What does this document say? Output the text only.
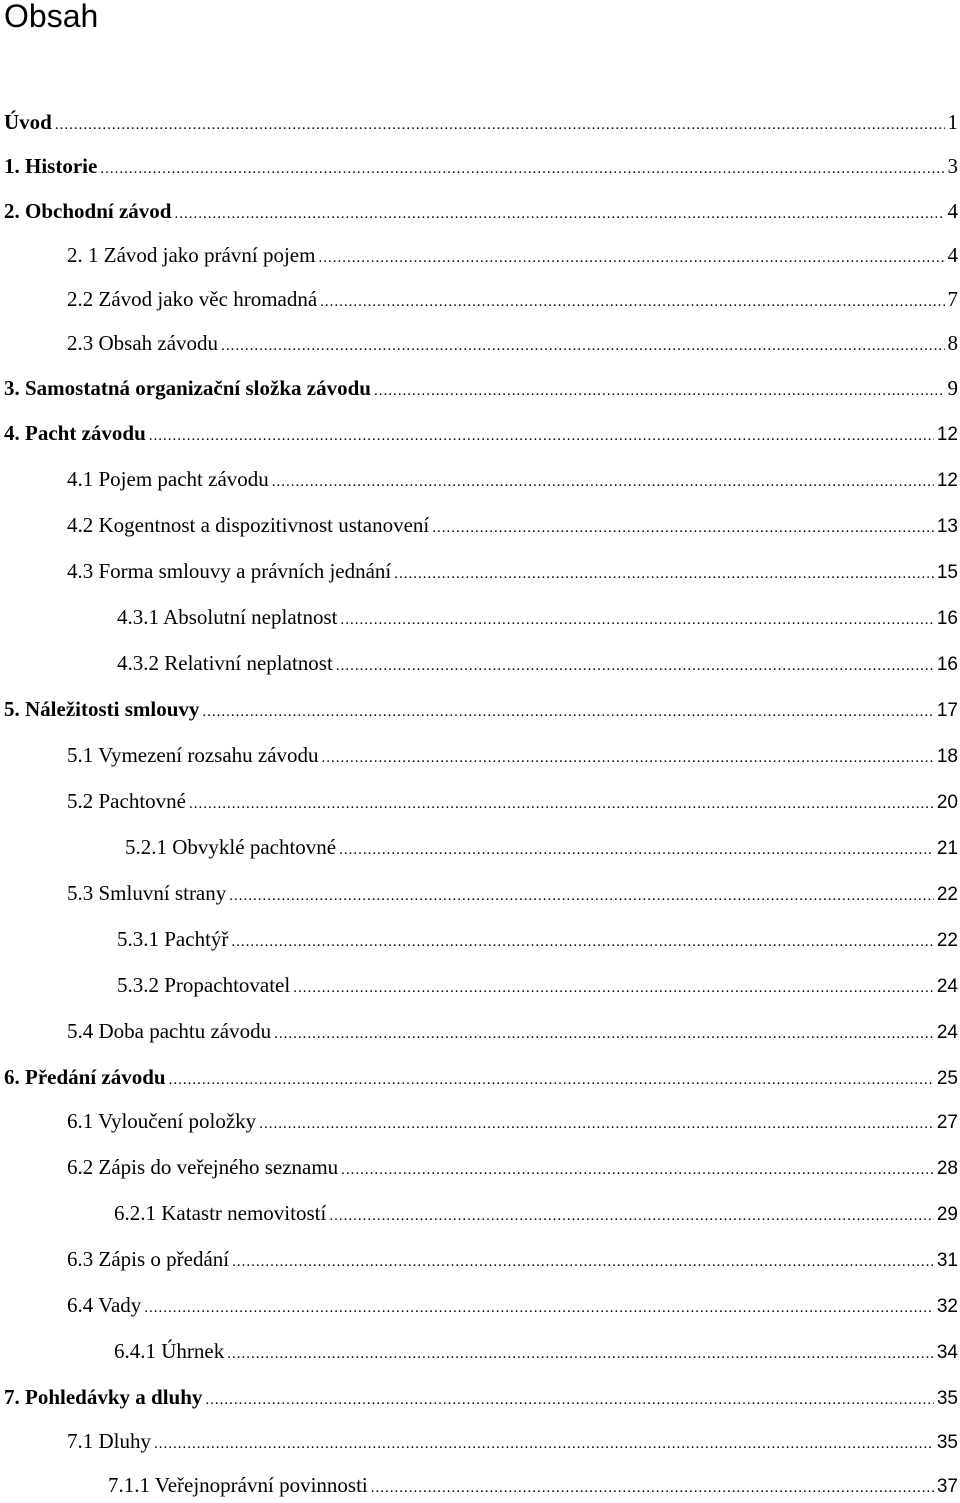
Obsah
Úvod .....	1
1. Historie .....	3
2. Obchodní závod .....	4
2. 1 Závod jako právní pojem .....	4
2.2 Závod jako věc hromadná .....	7
2.3 Obsah závodu .....	8
3. Samostatná organizační složka závodu .....	9
4. Pacht závodu .....	12
4.1 Pojem pacht závodu .....	12
4.2 Kogentnost a dispozitivnost ustanovení .....	13
4.3 Forma smlouvy a právních jednání .....	15
4.3.1 Absolutní neplatnost .....	16
4.3.2 Relativní neplatnost .....	16
5. Náležitosti smlouvy .....	17
5.1 Vymezení rozsahu závodu .....	18
5.2 Pachtovné .....	20
5.2.1 Obvyklé pachtovné .....	21
5.3 Smluvní strany .....	22
5.3.1 Pachtýř .....	22
5.3.2 Propachtovatel .....	24
5.4 Doba pachtu závodu .....	24
6. Předání závodu .....	25
6.1 Vyloučení položky .....	27
6.2 Zápis do veřejného seznamu .....	28
6.2.1 Katastr nemovitostí .....	29
6.3 Zápis o předání .....	31
6.4 Vady .....	32
6.4.1 Úhrnek .....	34
7. Pohledávky a dluhy .....	35
7.1 Dluhy .....	35
7.1.1 Veřejnoprávní povinnosti .....	37
